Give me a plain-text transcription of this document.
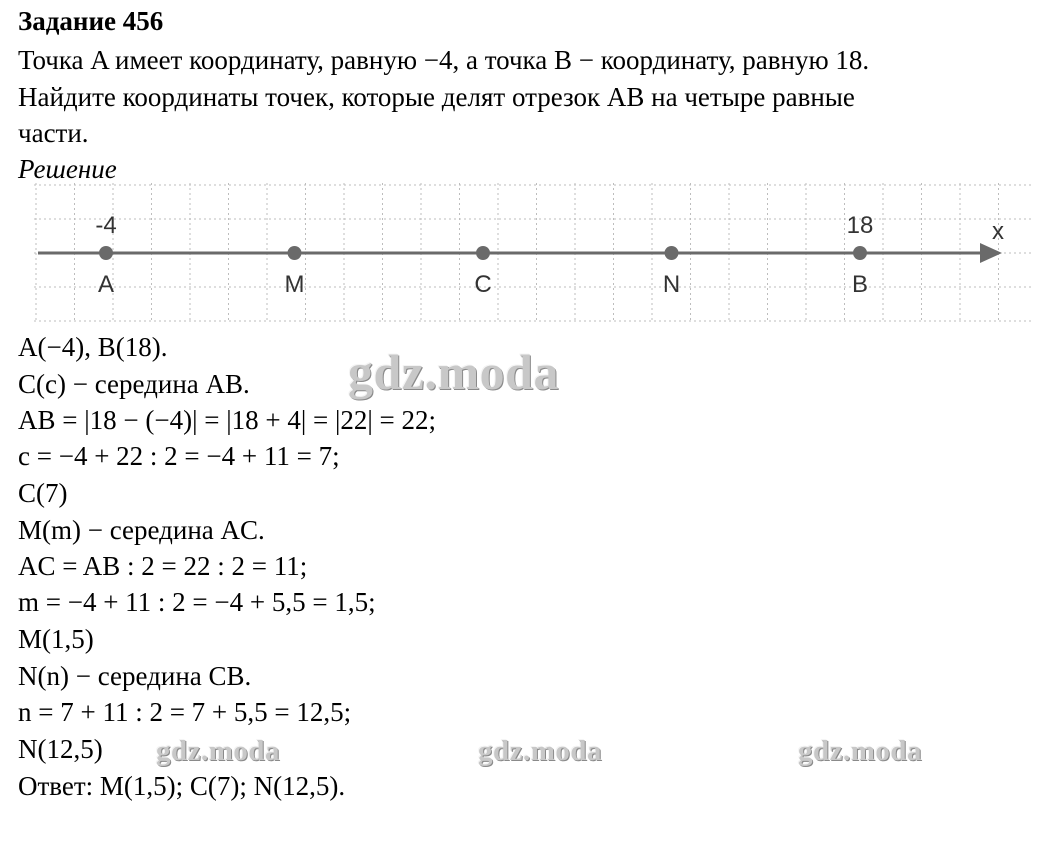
Задание 456
Точка A имеет координату, равную −4, а точка B − координату, равную 18.
Найдите координаты точек, которые делят отрезок AB на четыре равные
части.
Решение
x
A
-4
M	C	N	B
18
A(−4), B(18).
C(c) − середина AB.
AB = |18 − (−4)| = |18 + 4| = |22| = 22;
c = −4 + 22 : 2 = −4 + 11 = 7;
C(7)
M(m) − середина AC.
AC = AB : 2 = 22 : 2 = 11;
m = −4 + 11 : 2 = −4 + 5,5 = 1,5;
M(1,5)
N(n) − середина CB.
n = 7 + 11 : 2 = 7 + 5,5 = 12,5;
N(12,5)
Ответ: M(1,5); C(7); N(12,5).
gdz.moda
gdz.moda	gdz.moda	gdz.moda
